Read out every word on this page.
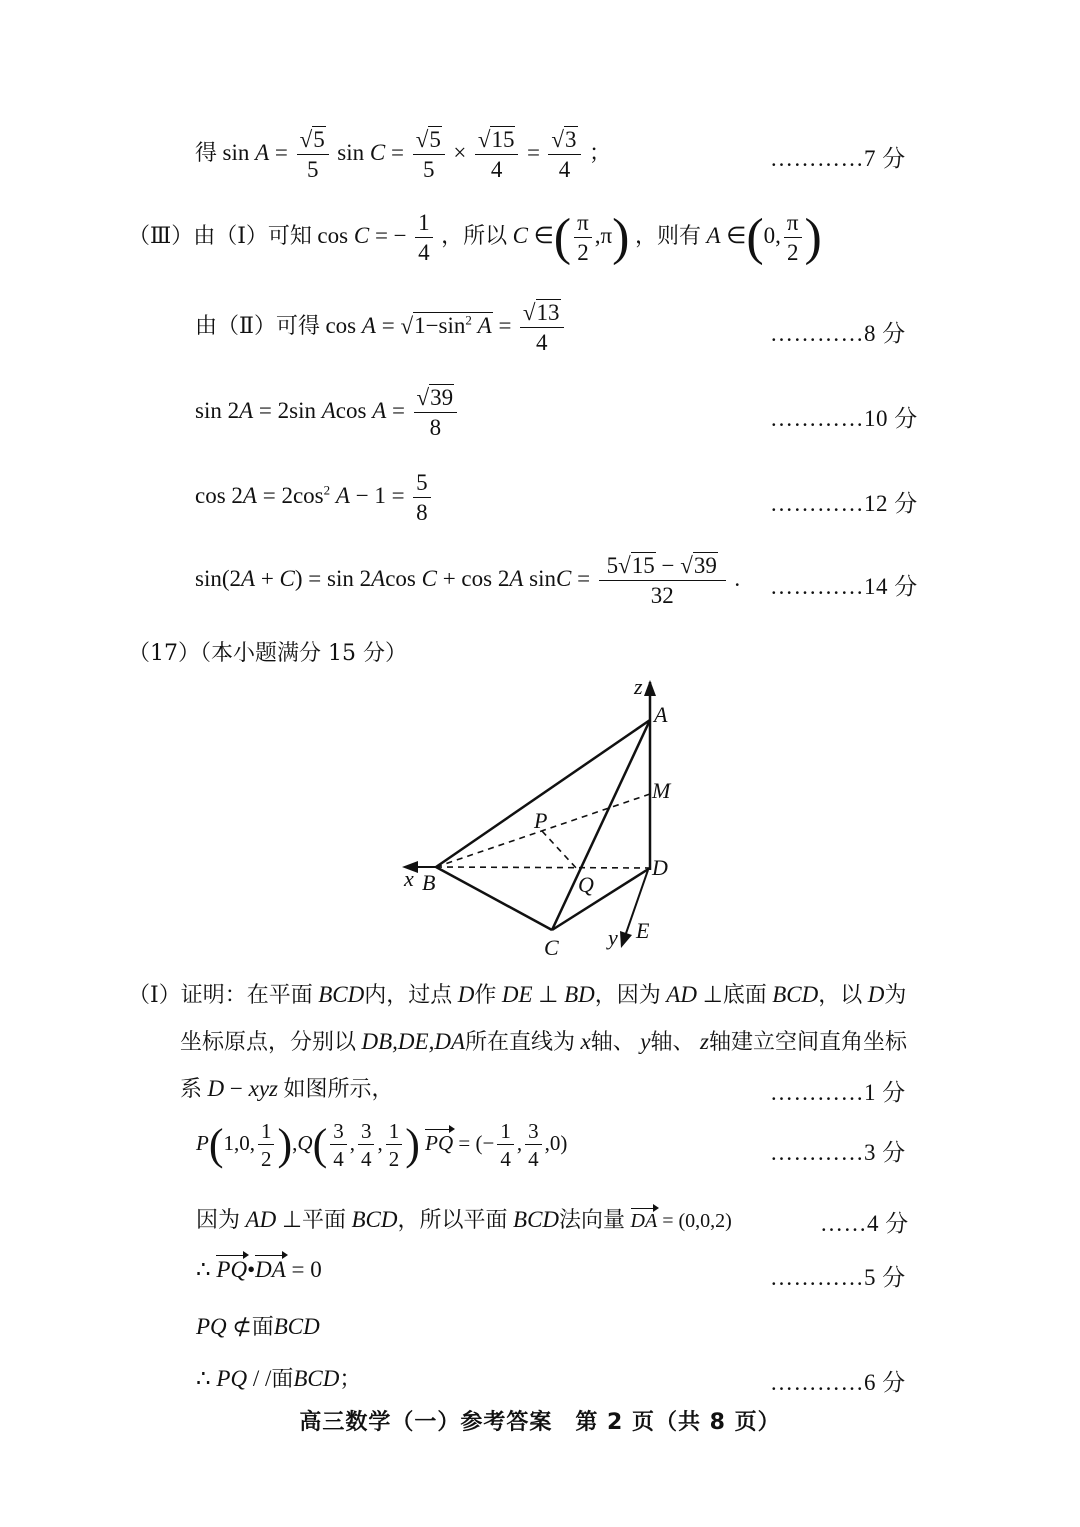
得 $\sin A = \frac{√5}{5}$ $\sin C = \frac{√5}{5} \times \frac{√15}{4} = \frac{√3}{4}$ ；	…………7 分
（Ⅲ）由（Ⅰ）可知 cos C = − $\frac{1}{4}$ ，所以 C ∈( $\frac{\pi}{2} ,\pi$) ，则有 A ∈(0, $\frac{\pi}{2}$ )
由（Ⅱ）可得 $\cos A = √1-\sin^2$ $A = \frac{√13}{4}$	…………8 分
sin 2A = 2sin Acos $A = \frac{√39}{8}$	…………10 分
$\cos 2A = 2\cos^2$ $A - 1 = \frac{5}{8}$	…………12 分
sin(2A + C) = sin 2Acos C + cos 2A $\sin C = \frac{5√15 - √39}{32}$ . …………14 分
（17）（本小题满分 15 分）
z
A
M
P
Q
D
B
x
C y E
（Ⅰ）证明：在平面 BCD内，过点 D作 DE ⊥ BD，因为 AD ⊥底面 BCD，以 D为
坐标原点，分别以 DB,DE,DA所在直线为 x轴、 y轴、 z轴建立空间直角坐标
系 D − xyz 如图所示，	…………1 分
P(1,0, $\frac{1}{2} ),Q( \frac{3}{4}$ , $\frac{3}{4}$ , $\frac{1}{2}$ ) PQ = (− $\frac{1}{4}$ , $\frac{3}{4} ,0$)	…………3 分
因为 AD ⊥平面 BCD，所以平面 BCD法向量 DA = (0,0,2)	……4 分
∴ PQ•DA = 0	…………5 分
PQ ⊄面BCD
∴ PQ / /面BCD；	…………6 分
高三数学（一）参考答案　第 2 页（共 8 页）
